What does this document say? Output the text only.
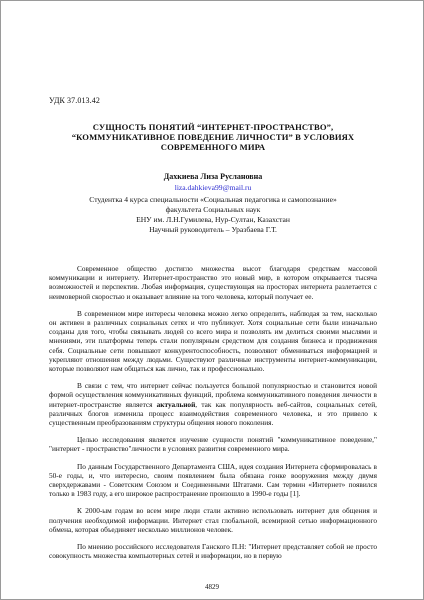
УДК 37.013.42
СУЩНОСТЬ ПОНЯТИЙ “ИНТЕРНЕТ-ПРОСТРАНСТВО”,
“КОММУНИКАТИВНОЕ ПОВЕДЕНИЕ ЛИЧНОСТИ” В УСЛОВИЯХ
СОВРЕМЕННОГО МИРА
Дахкиева Лиза Руслановна
liza.dahkieva99@mail.ru
Студентка 4 курса специальности «Социальная педагогика и самопознание»
факультета Социальных наук
ЕНУ им. Л.Н.Гумилева, Нур-Султан, Казахстан
Научный руководитель – Уразбаева Г.Т.

Современное общество достигло множества высот благодаря средствам массовой коммуникации и интернету. Интернет-пространство это новый мир, в котором открывается тысяча возможностей и перспектив. Любая информация, существующая на просторах интернета разлетается с неимоверной скоростью и оказывает влияние на того человека, который получает ее.

В современном мире интересы человека можно легко определить, наблюдая за тем, насколько он активен в различных социальных сетях и что публикует. Хотя социальные сети были изначально созданы для того, чтобы связывать людей со всего мира и позволять им делиться своими мыслями и мнениями, эти платформы теперь стали популярным средством для создания бизнеса и продвижения себя. Социальные сети повышают конкурентоспособность, позволяют обмениваться информацией и укрепляют отношения между людьми. Существуют различные инструменты интернет-коммуникации, которые позволяют нам общаться как лично, так и профессионально.

В связи с тем, что интернет сейчас пользуется большой популярностью и становится новой формой осуществления коммуникативных функций, проблема коммуникативного поведения личности в интернет-пространстве является актуальной, так как популярность веб-сайтов, социальных сетей, различных блогов изменила процесс взаимодействия современного человека, и это привело к существенным преобразованиям структуры общения нового поколения.

Целью исследования является изучение сущности понятий "коммуникативное поведение," "интернет - пространство"личности в условиях развития современного мира.

По данным Государственного Департамента США, идея создания Интернета сформировалась в 50-е годы, и, что интересно, своим появлением была обязана гонке вооружения между двумя сверхдержавами - Советским Союзом и Соединенными Штатами. Сам термин «Интернет» появился только в 1983 году, а его широкое распространение произошло в 1990-е годы [1].

К 2000-ым годам во всем мире люди стали активно использовать интернет для общения и получения необходимой информации. Интернет стал глобальной, всемирной сетью информационного обмена, которая объединяет несколько миллионов человек.

По мнению российского исследователя Ганского П.Н: "Интернет представляет собой не просто совокупность множества компьютерных сетей и информации, но в первую

4829
